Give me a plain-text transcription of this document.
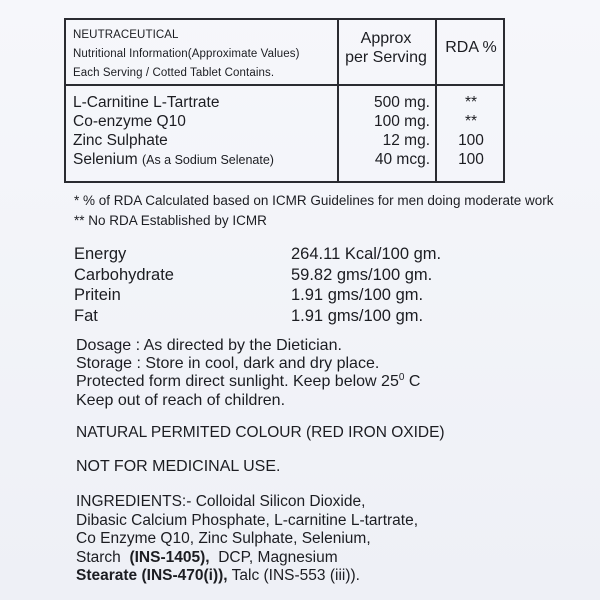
NEUTRACEUTICAL
Nutritional Information(Approximate Values)
Each Serving / Cotted Tablet Contains.
Approx
per Serving
RDA %
L-Carnitine L-Tartrate
Co-enzyme Q10
Zinc Sulphate
Selenium (As a Sodium Selenate)
500 mg.
100 mg.
12 mg.
40 mcg.
**
**
100
100
* % of RDA Calculated based on ICMR Guidelines for men doing moderate work
** No RDA Established by ICMR
Energy
Carbohydrate
Pritein
Fat
264.11 Kcal/100 gm.
59.82 gms/100 gm.
1.91 gms/100 gm.
1.91 gms/100 gm.
Dosage : As directed by the Dietician.
Storage : Store in cool, dark and dry place.
Protected form direct sunlight. Keep below $25^0$ C
Keep out of reach of children.
NATURAL PERMITED COLOUR (RED IRON OXIDE)
NOT FOR MEDICINAL USE.
INGREDIENTS:- Colloidal Silicon Dioxide,
Dibasic Calcium Phosphate, L-carnitine L-tartrate,
Co Enzyme Q10, Zinc Sulphate, Selenium,
Starch (INS-1405), DCP, Magnesium
Stearate (INS-470(i)), Talc (INS-553 (iii)).
